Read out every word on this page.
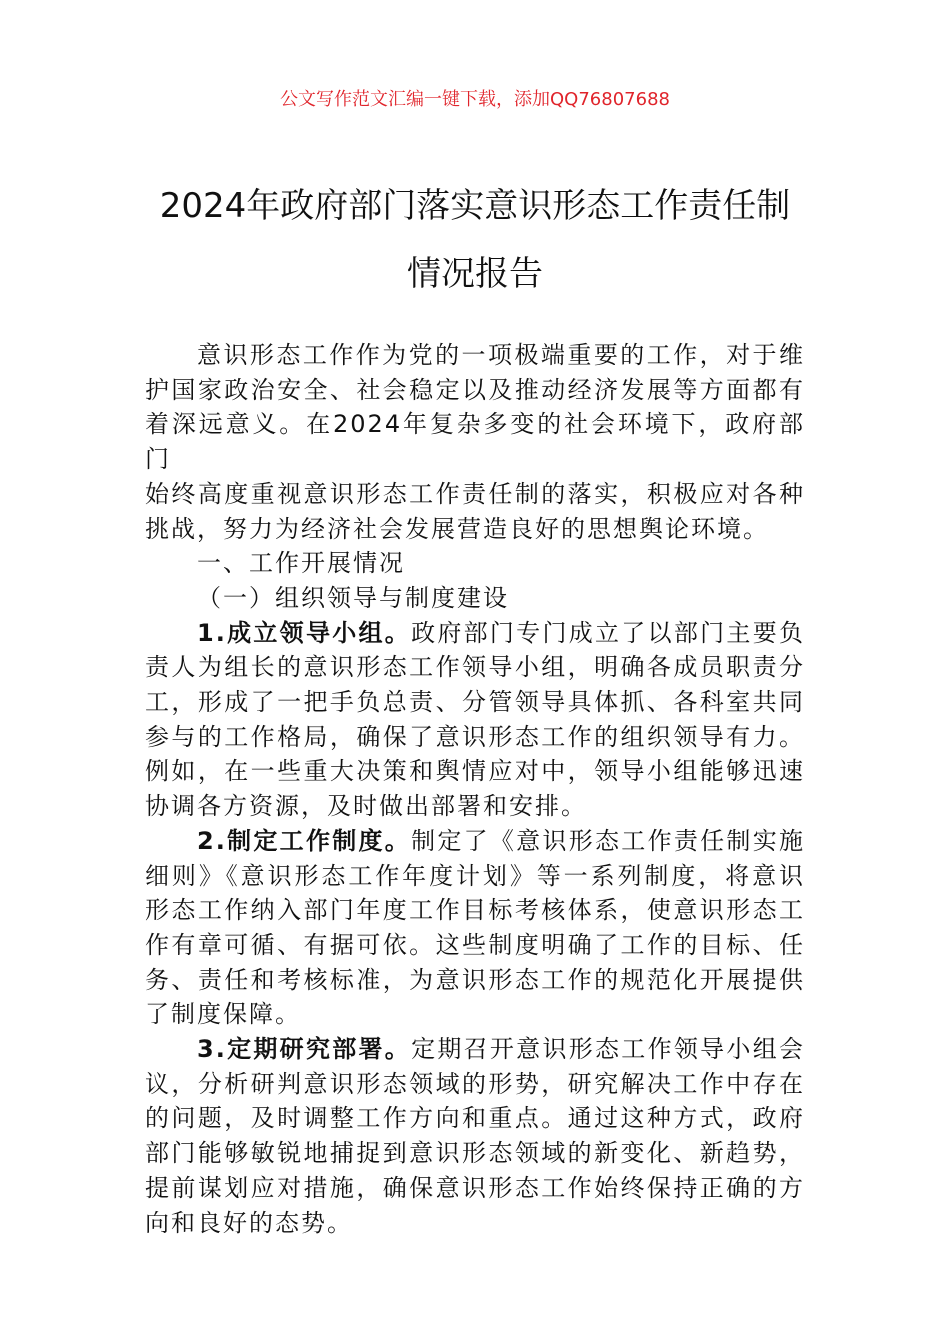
公文写作范文汇编一键下载，添加QQ76807688
2024年政府部门落实意识形态工作责任制
情况报告
意识形态工作作为党的一项极端重要的工作，对于维
护国家政治安全、社会稳定以及推动经济发展等方面都有
着深远意义。在2024年复杂多变的社会环境下，政府部门
始终高度重视意识形态工作责任制的落实，积极应对各种
挑战，努力为经济社会发展营造良好的思想舆论环境。
一、工作开展情况
（一）组织领导与制度建设
1.成立领导小组。政府部门专门成立了以部门主要负
责人为组长的意识形态工作领导小组，明确各成员职责分
工，形成了一把手负总责、分管领导具体抓、各科室共同
参与的工作格局，确保了意识形态工作的组织领导有力。
例如，在一些重大决策和舆情应对中，领导小组能够迅速
协调各方资源，及时做出部署和安排。
2.制定工作制度。制定了《意识形态工作责任制实施
细则》《意识形态工作年度计划》等一系列制度，将意识
形态工作纳入部门年度工作目标考核体系，使意识形态工
作有章可循、有据可依。这些制度明确了工作的目标、任
务、责任和考核标准，为意识形态工作的规范化开展提供
了制度保障。
3.定期研究部署。定期召开意识形态工作领导小组会
议，分析研判意识形态领域的形势，研究解决工作中存在
的问题，及时调整工作方向和重点。通过这种方式，政府
部门能够敏锐地捕捉到意识形态领域的新变化、新趋势，
提前谋划应对措施，确保意识形态工作始终保持正确的方
向和良好的态势。
